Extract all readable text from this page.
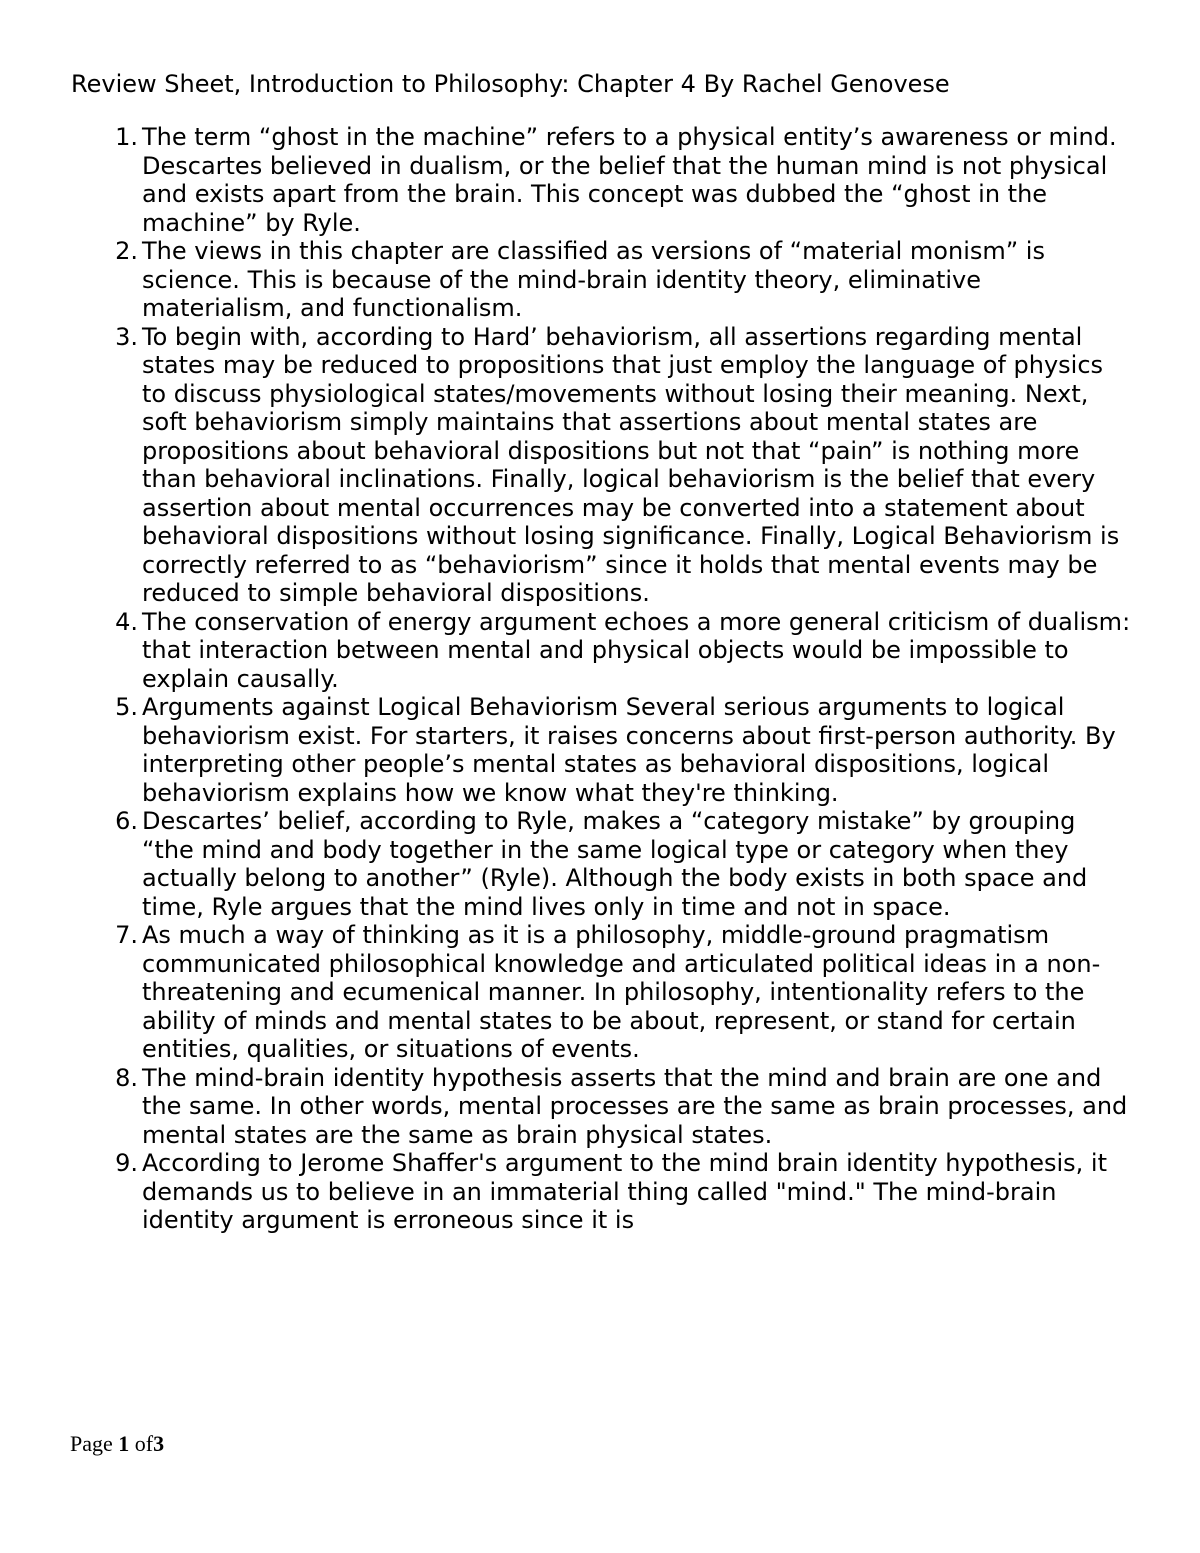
Review Sheet, Introduction to Philosophy: Chapter 4 By Rachel Genovese
1. The term “ghost in the machine” refers to a physical entity’s awareness or mind. Descartes believed in dualism, or the belief that the human mind is not physical and exists apart from the brain. This concept was dubbed the “ghost in the machine” by Ryle.
2. The views in this chapter are classified as versions of “material monism” is science. This is because of the mind-brain identity theory, eliminative materialism, and functionalism.
3. To begin with, according to Hard’ behaviorism, all assertions regarding mental states may be reduced to propositions that just employ the language of physics to discuss physiological states/movements without losing their meaning. Next, soft behaviorism simply maintains that assertions about mental states are propositions about behavioral dispositions but not that “pain” is nothing more than behavioral inclinations. Finally, logical behaviorism is the belief that every assertion about mental occurrences may be converted into a statement about behavioral dispositions without losing significance. Finally, Logical Behaviorism is correctly referred to as “behaviorism” since it holds that mental events may be reduced to simple behavioral dispositions.
4. The conservation of energy argument echoes a more general criticism of dualism: that interaction between mental and physical objects would be impossible to explain causally.
5. Arguments against Logical Behaviorism Several serious arguments to logical behaviorism exist. For starters, it raises concerns about first-person authority. By interpreting other people’s mental states as behavioral dispositions, logical behaviorism explains how we know what they're thinking.
6. Descartes’ belief, according to Ryle, makes a “category mistake” by grouping “the mind and body together in the same logical type or category when they actually belong to another” (Ryle). Although the body exists in both space and time, Ryle argues that the mind lives only in time and not in space.
7. As much a way of thinking as it is a philosophy, middle-ground pragmatism communicated philosophical knowledge and articulated political ideas in a non-threatening and ecumenical manner. In philosophy, intentionality refers to the ability of minds and mental states to be about, represent, or stand for certain entities, qualities, or situations of events.
8. The mind-brain identity hypothesis asserts that the mind and brain are one and the same. In other words, mental processes are the same as brain processes, and mental states are the same as brain physical states.
9. According to Jerome Shaffer's argument to the mind brain identity hypothesis, it demands us to believe in an immaterial thing called "mind." The mind-brain identity argument is erroneous since it is
Page 1 of3
